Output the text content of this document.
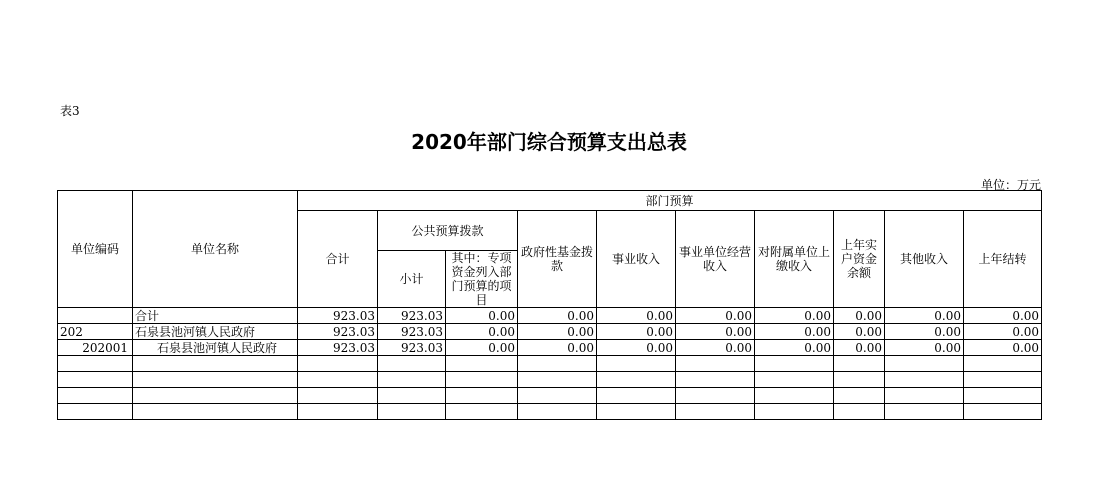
表3
2020年部门综合预算支出总表
单位：万元
单位编码	单位名称	部门预算									
		合计	公共预算拨款		政府性基金拨款	事业收入	事业单位经营收入	对附属单位上缴收入	上年实户资金余额	其他收入	上年结转
			小计	其中：专项资金列入部门预算的项目							
	合计	923.03	923.03	0.00	0.00	0.00	0.00	0.00	0.00	0.00	0.00
202	石泉县池河镇人民政府	923.03	923.03	0.00	0.00	0.00	0.00	0.00	0.00	0.00	0.00
202001	石泉县池河镇人民政府	923.03	923.03	0.00	0.00	0.00	0.00	0.00	0.00	0.00	0.00
